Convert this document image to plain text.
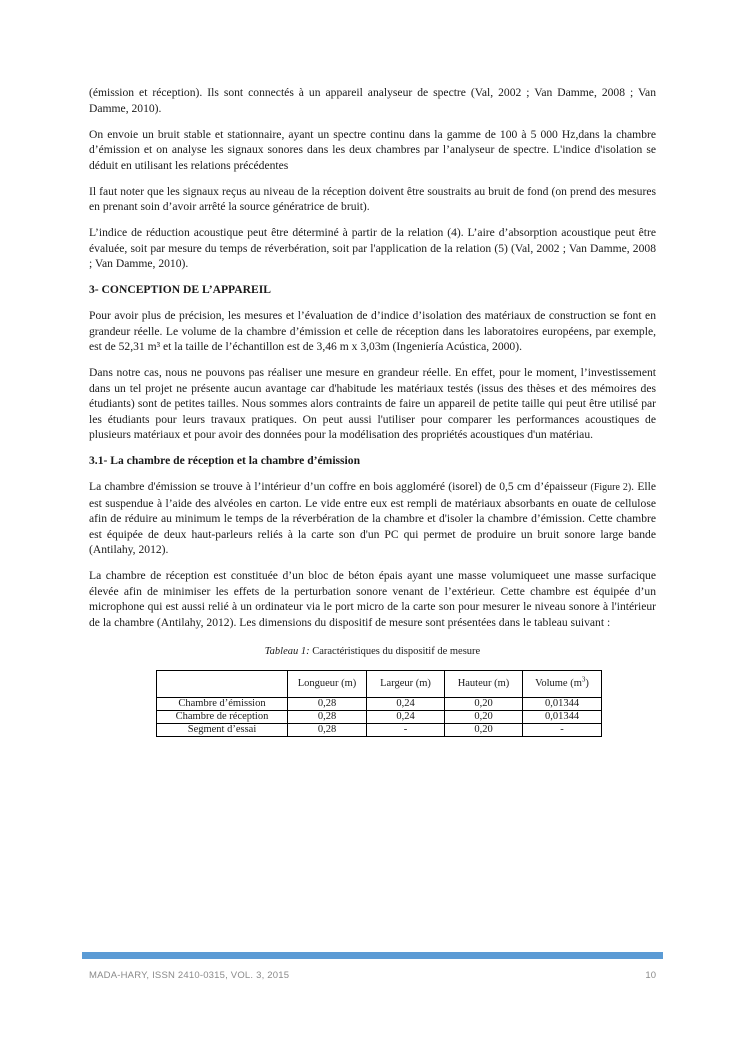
(émission et réception). Ils sont connectés à un appareil analyseur de spectre (Val, 2002 ; Van Damme, 2008 ; Van Damme, 2010).

On envoie un bruit stable et stationnaire, ayant un spectre continu dans la gamme de 100 à 5 000 Hz,dans la chambre d’émission et on analyse les signaux sonores dans les deux chambres par l’analyseur de spectre. L'indice d'isolation se déduit en utilisant les relations précédentes

Il faut noter que les signaux reçus au niveau de la réception doivent être soustraits au bruit de fond (on prend des mesures en prenant soin d’avoir arrêté la source génératrice de bruit).

L’indice de réduction acoustique peut être déterminé à partir de la relation (4). L’aire d’absorption acoustique peut être évaluée, soit par mesure du temps de réverbération, soit par l'application de la relation (5) (Val, 2002 ; Van Damme, 2008 ; Van Damme, 2010).

3- CONCEPTION DE L’APPAREIL

Pour avoir plus de précision, les mesures et l’évaluation de d’indice d’isolation des matériaux de construction se font en grandeur réelle. Le volume de la chambre d’émission et celle de réception dans les laboratoires européens, par exemple, est de 52,31 m³ et la taille de l’échantillon est de 3,46 m x 3,03m (Ingeniería Acústica, 2000).

Dans notre cas, nous ne pouvons pas réaliser une mesure en grandeur réelle. En effet, pour le moment, l’investissement dans un tel projet ne présente aucun avantage car d'habitude les matériaux testés (issus des thèses et des mémoires des étudiants) sont de petites tailles. Nous sommes alors contraints de faire un appareil de petite taille qui peut être utilisé par les étudiants pour leurs travaux pratiques. On peut aussi l'utiliser pour comparer les performances acoustiques de plusieurs matériaux et pour avoir des données pour la modélisation des propriétés acoustiques d'un matériau.

3.1- La chambre de réception et la chambre d’émission

La chambre d'émission se trouve à l’intérieur d’un coffre en bois aggloméré (isorel) de 0,5 cm d’épaisseur (Figure 2). Elle est suspendue à l’aide des alvéoles en carton. Le vide entre eux est rempli de matériaux absorbants en ouate de cellulose afin de réduire au minimum le temps de la réverbération de la chambre et d'isoler la chambre d’émission. Cette chambre est équipée de deux haut-parleurs reliés à la carte son d'un PC qui permet de produire un bruit sonore large bande (Antilahy, 2012).

La chambre de réception est constituée d’un bloc de béton épais ayant une masse volumiqueet une masse surfacique élevée afin de minimiser les effets de la perturbation sonore venant de l’extérieur. Cette chambre est équipée d’un microphone qui est aussi relié à un ordinateur via le port micro de la carte son pour mesurer le niveau sonore à l'intérieur de la chambre (Antilahy, 2012). Les dimensions du dispositif de mesure sont présentées dans le tableau suivant :

Tableau 1: Caractéristiques du dispositif de mesure
	Longueur (m)	Largeur (m)	Hauteur (m)	Volume $(m^3)$
Chambre d’émission	0,28	0,24	0,20	0,01344
Chambre de réception	0,28	0,24	0,20	0,01344
Segment d’essai	0,28	-	0,20	-
MADA-HARY, ISSN 2410-0315, VOL. 3, 2015	10
